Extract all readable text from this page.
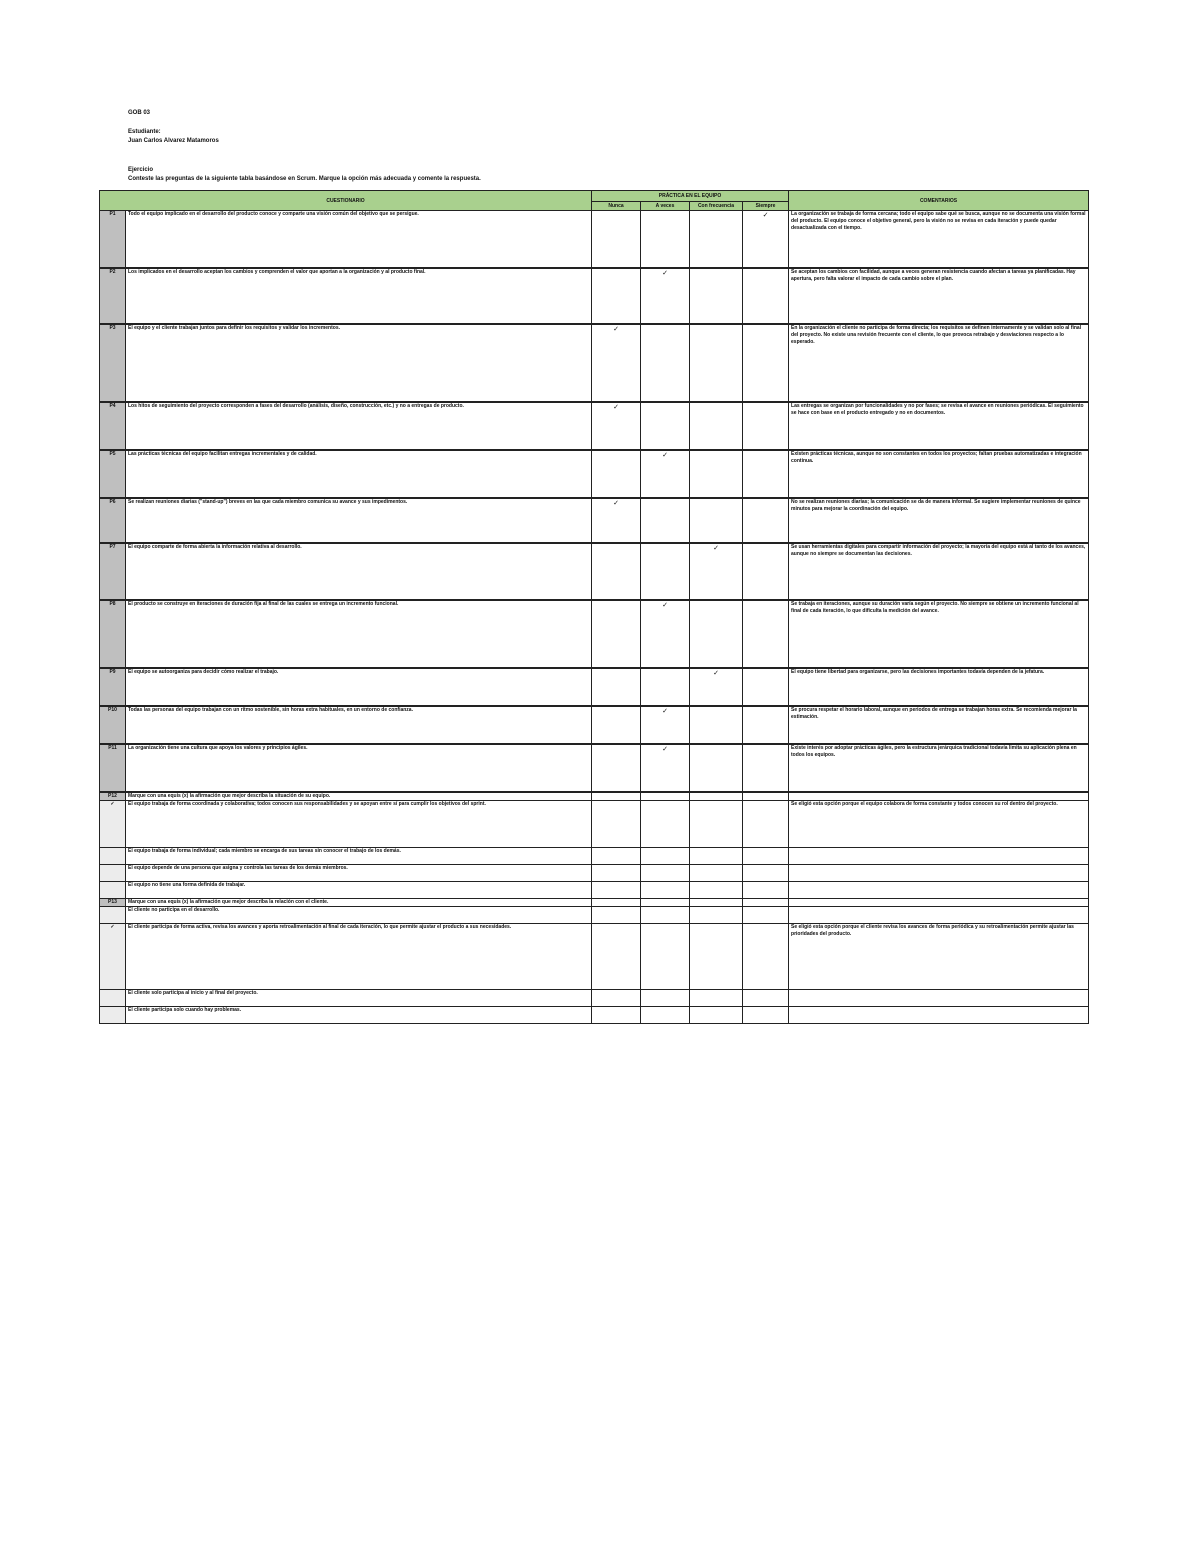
GOB 03
Estudiante:
Juan Carlos Alvarez Matamoros
Ejercicio
Conteste las preguntas de la siguiente tabla basándose en Scrum. Marque la opción más adecuada y comente la respuesta.
CUESTIONARIO		PRÁCTICA EN EL EQUIPO				COMENTARIOS
		Nunca	A veces	Con frecuencia	Siempre	
P1	Todo el equipo implicado en el desarrollo del producto conoce y comparte una visión común del objetivo que se persigue.				✓	La organización se trabaja de forma cercana; todo el equipo sabe qué se busca, aunque no se documenta una visión formal del producto. El equipo conoce el objetivo general, pero la visión no se revisa en cada iteración y puede quedar desactualizada con el tiempo.
P2	Los implicados en el desarrollo aceptan los cambios y comprenden el valor que aportan a la organización y al producto final.		✓			Se aceptan los cambios con facilidad, aunque a veces generan resistencia cuando afectan a tareas ya planificadas. Hay apertura, pero falta valorar el impacto de cada cambio sobre el plan.
P3	El equipo y el cliente trabajan juntos para definir los requisitos y validar los incrementos.	✓				En la organización el cliente no participa de forma directa; los requisitos se definen internamente y se validan solo al final del proyecto. No existe una revisión frecuente con el cliente, lo que provoca retrabajo y desviaciones respecto a lo esperado.
P4	Los hitos de seguimiento del proyecto corresponden a fases del desarrollo (análisis, diseño, construcción, etc.) y no a entregas de producto.	✓				Las entregas se organizan por funcionalidades y no por fases; se revisa el avance en reuniones periódicas. El seguimiento se hace con base en el producto entregado y no en documentos.
P5	Las prácticas técnicas del equipo facilitan entregas incrementales y de calidad.		✓			Existen prácticas técnicas, aunque no son constantes en todos los proyectos; faltan pruebas automatizadas e integración continua.
P6	Se realizan reuniones diarias ("stand-up") breves en las que cada miembro comunica su avance y sus impedimentos.	✓				No se realizan reuniones diarias; la comunicación se da de manera informal. Se sugiere implementar reuniones de quince minutos para mejorar la coordinación del equipo.
P7	El equipo comparte de forma abierta la información relativa al desarrollo.			✓		Se usan herramientas digitales para compartir información del proyecto; la mayoría del equipo está al tanto de los avances, aunque no siempre se documentan las decisiones.
P8	El producto se construye en iteraciones de duración fija al final de las cuales se entrega un incremento funcional.		✓			Se trabaja en iteraciones, aunque su duración varía según el proyecto. No siempre se obtiene un incremento funcional al final de cada iteración, lo que dificulta la medición del avance.
P9	El equipo se autoorganiza para decidir cómo realizar el trabajo.			✓		El equipo tiene libertad para organizarse, pero las decisiones importantes todavía dependen de la jefatura.
P10	Todas las personas del equipo trabajan con un ritmo sostenible, sin horas extra habituales, en un entorno de confianza.		✓			Se procura respetar el horario laboral, aunque en periodos de entrega se trabajan horas extra. Se recomienda mejorar la estimación.
P11	La organización tiene una cultura que apoya los valores y principios ágiles.		✓			Existe interés por adoptar prácticas ágiles, pero la estructura jerárquica tradicional todavía limita su aplicación plena en todos los equipos.
P12	Marque con una equis (x) la afirmación que mejor describa la situación de su equipo.					
✓	El equipo trabaja de forma coordinada y colaborativa; todos conocen sus responsabilidades y se apoyan entre sí para cumplir los objetivos del sprint.					Se eligió esta opción porque el equipo colabora de forma constante y todos conocen su rol dentro del proyecto.
	El equipo trabaja de forma individual; cada miembro se encarga de sus tareas sin conocer el trabajo de los demás.					
	El equipo depende de una persona que asigna y controla las tareas de los demás miembros.					
	El equipo no tiene una forma definida de trabajar.					
P13	Marque con una equis (x) la afirmación que mejor describa la relación con el cliente.					
	El cliente no participa en el desarrollo.					
✓	El cliente participa de forma activa, revisa los avances y aporta retroalimentación al final de cada iteración, lo que permite ajustar el producto a sus necesidades.					Se eligió esta opción porque el cliente revisa los avances de forma periódica y su retroalimentación permite ajustar las prioridades del producto.
	El cliente solo participa al inicio y al final del proyecto.					
	El cliente participa solo cuando hay problemas.					
